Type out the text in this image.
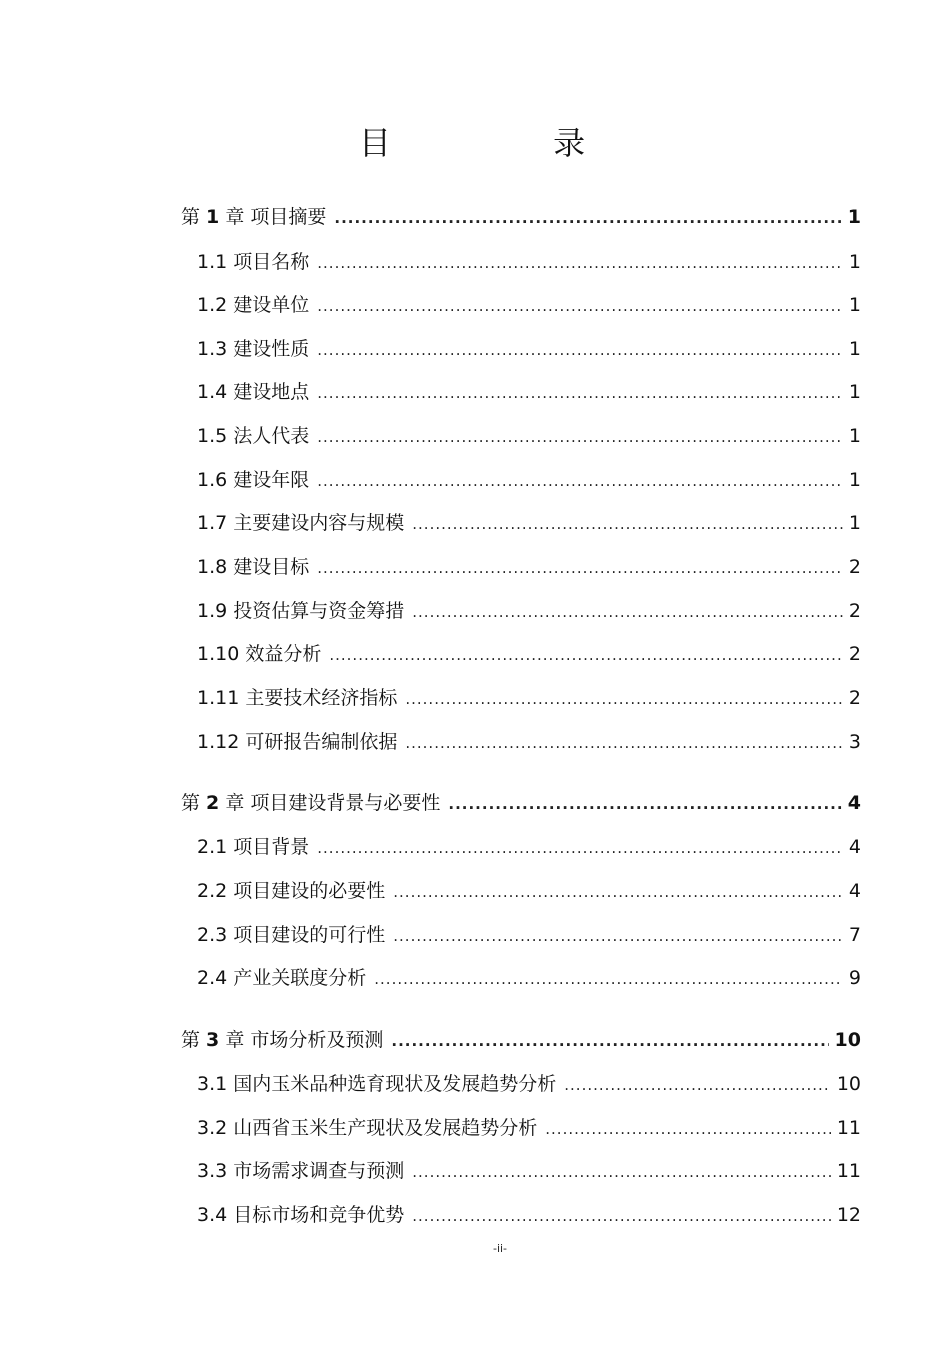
目 录
第 1 章 项目摘要 .....	1
1.1 项目名称 .....	1
1.2 建设单位 .....	1
1.3 建设性质 .....	1
1.4 建设地点 .....	1
1.5 法人代表 .....	1
1.6 建设年限 .....	1
1.7 主要建设内容与规模 .....	1
1.8 建设目标 .....	2
1.9 投资估算与资金筹措 .....	2
1.10 效益分析 .....	2
1.11 主要技术经济指标 .....	2
1.12 可研报告编制依据 .....	3
第 2 章 项目建设背景与必要性 .....	4
2.1 项目背景 .....	4
2.2 项目建设的必要性 .....	4
2.3 项目建设的可行性 .....	7
2.4 产业关联度分析 .....	9
第 3 章 市场分析及预测 .....	10
3.1 国内玉米品种选育现状及发展趋势分析 .....	10
3.2 山西省玉米生产现状及发展趋势分析 .....	11
3.3 市场需求调查与预测 .....	11
3.4 目标市场和竞争优势 .....	12
-ii-
